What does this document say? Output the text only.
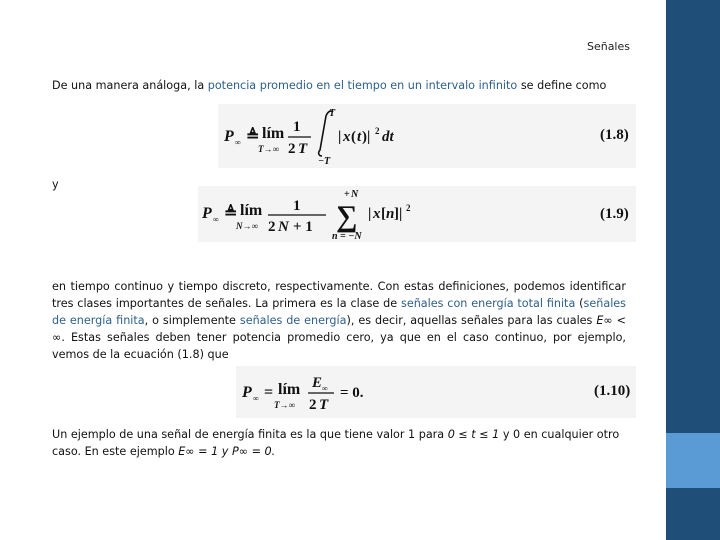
Señales
De una manera análoga, la potencia promedio en el tiempo en un intervalo infinito se define como
P ∞ ≜ lím
T→∞
1
2 T
T
−T
| x ( t )| 2 dt	(1.8)
y
P ∞ ≜ lím
N→∞
1
2 N + 1
+ N
∑
n = −N
| x [ n ]| 2	(1.9)
en tiempo continuo y tiempo discreto, respectivamente. Con estas definiciones, podemos identificar tres clases importantes de señales. La primera es la clase de señales con energía total finita (señales de energía finita, o simplemente señales de energía), es decir, aquellas señales para las cuales E∞ < ∞. Estas señales deben tener potencia promedio cero, ya que en el caso continuo, por ejemplo, vemos de la ecuación (1.8) que
P ∞ = lím
T→∞
E ∞
2 T
= 0.	(1.10)
Un ejemplo de una señal de energía finita es la que tiene valor 1 para 0 ≤ t ≤ 1 y 0 en cualquier otro caso. En este ejemplo E∞ = 1 y P∞ = 0.
